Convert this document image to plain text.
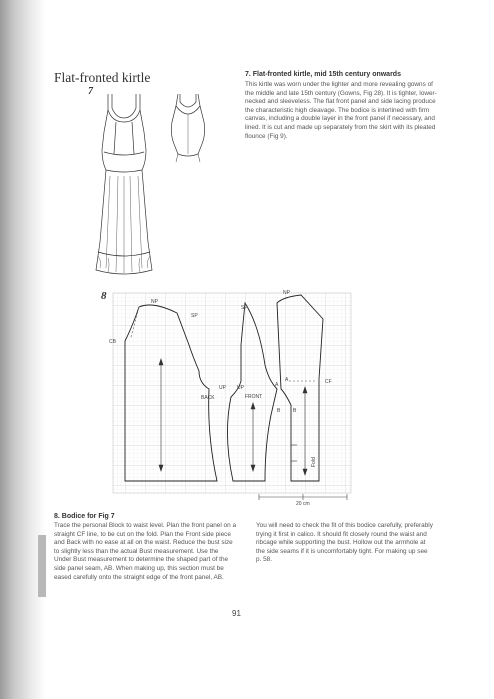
Flat-fronted kirtle
7
7. Flat-fronted kirtle, mid 15th century onwards

This kirtle was worn under the lighter and more revealing gowns of the middle and late 15th century (Gowns, Fig 28). It is tighter, lower-necked and sleeveless. The flat front panel and side lacing produce the characteristic high cleavage. The bodice is interlined with firm canvas, including a double layer in the front panel if necessary, and lined. It is cut and made up separately from the skirt with its pleated flounce (Fig 9).

8	NP
SP
CB
UP
BACK
SP
NP
UP
FRONT
A
A
B	B
CF
Fold
20 cm
8. Bodice for Fig 7

Trace the personal Block to waist level. Plan the front panel on a straight CF line, to be cut on the fold. Plan the Front side piece and Back with no ease at all on the waist. Reduce the bust size to slightly less than the actual Bust measurement. Use the Under Bust measurement to determine the shaped part of the side panel seam, AB. When making up, this section must be eased carefully onto the straight edge of the front panel, AB.

You will need to check the fit of this bodice carefully, preferably trying it first in calico. It should fit closely round the waist and ribcage while supporting the bust. Hollow out the armhole at the side seams if it is uncomfortably tight. For making up see p. 58.

91
